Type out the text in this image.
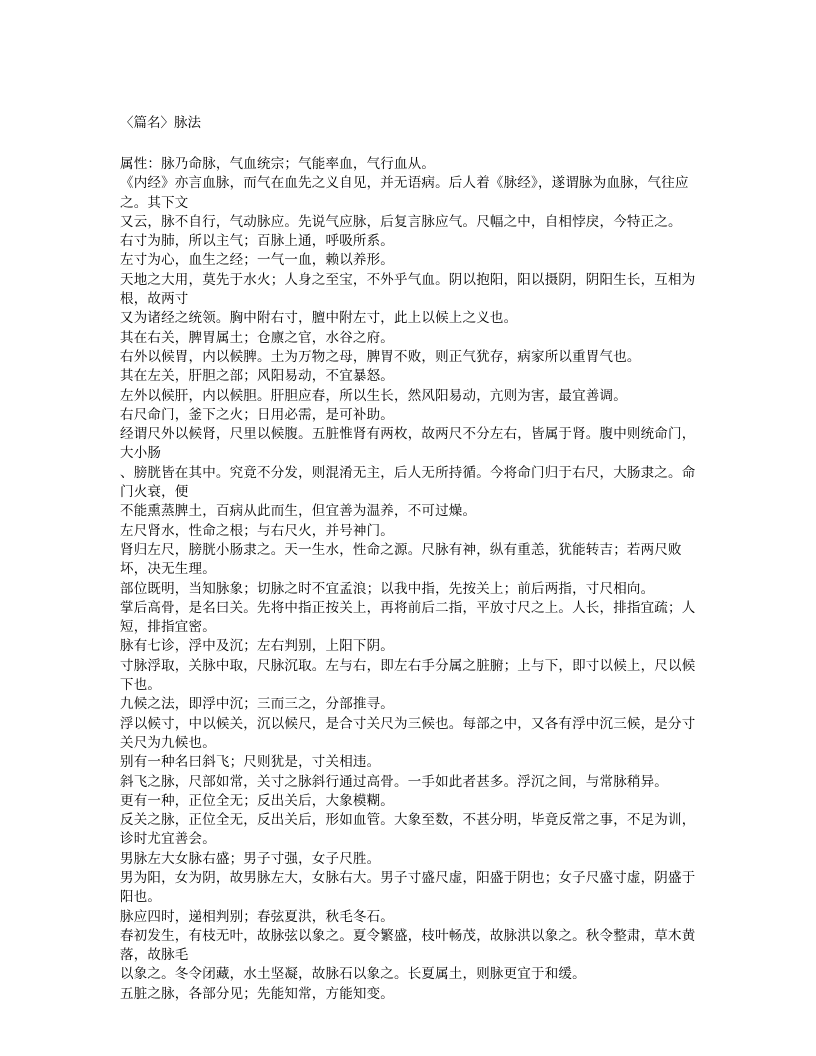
〈篇名〉脉法

属性：脉乃命脉，气血统宗；气能率血，气行血从。

《内经》亦言血脉，而气在血先之义自见，并无语病。后人着《脉经》，遂谓脉为血脉，气往应之。其下文

又云，脉不自行，气动脉应。先说气应脉，后复言脉应气。尺幅之中，自相悖戾，今特正之。

右寸为肺，所以主气；百脉上通，呼吸所系。

左寸为心，血生之经；一气一血，赖以养形。

天地之大用，莫先于水火；人身之至宝，不外乎气血。阴以抱阳，阳以摄阴，阴阳生长，互相为根，故两寸

又为诸经之统领。胸中附右寸，膻中附左寸，此上以候上之义也。

其在右关，脾胃属土；仓廪之官，水谷之府。

右外以候胃，内以候脾。土为万物之母，脾胃不败，则正气犹存，病家所以重胃气也。

其在左关，肝胆之部；风阳易动，不宜暴怒。

左外以候肝，内以候胆。肝胆应春，所以生长，然风阳易动，亢则为害，最宜善调。

右尺命门，釜下之火；日用必需，是可补助。

经谓尺外以候肾，尺里以候腹。五脏惟肾有两枚，故两尺不分左右，皆属于肾。腹中则统命门，大小肠

、膀胱皆在其中。究竟不分发，则混淆无主，后人无所持循。今将命门归于右尺，大肠隶之。命门火衰，便

不能熏蒸脾土，百病从此而生，但宜善为温养，不可过燥。

左尺肾水，性命之根；与右尺火，并号神门。

肾归左尺，膀胱小肠隶之。天一生水，性命之源。尺脉有神，纵有重恙，犹能转吉；若两尺败坏，决无生理。

部位既明，当知脉象；切脉之时不宜孟浪；以我中指，先按关上；前后两指，寸尺相向。

掌后高骨，是名曰关。先将中指正按关上，再将前后二指，平放寸尺之上。人长，排指宜疏；人短，排指宜密。

脉有七诊，浮中及沉；左右判别，上阳下阴。

寸脉浮取，关脉中取，尺脉沉取。左与右，即左右手分属之脏腑；上与下，即寸以候上，尺以候下也。

九候之法，即浮中沉；三而三之，分部推寻。

浮以候寸，中以候关，沉以候尺，是合寸关尺为三候也。每部之中，又各有浮中沉三候，是分寸关尺为九候也。

别有一种名曰斜飞；尺则犹是，寸关相违。

斜飞之脉，尺部如常，关寸之脉斜行通过高骨。一手如此者甚多。浮沉之间，与常脉稍异。

更有一种，正位全无；反出关后，大象模糊。

反关之脉，正位全无，反出关后，形如血管。大象至数，不甚分明，毕竟反常之事，不足为训，诊时尤宜善会。

男脉左大女脉右盛；男子寸强，女子尺胜。

男为阳，女为阴，故男脉左大，女脉右大。男子寸盛尺虚，阳盛于阴也；女子尺盛寸虚，阴盛于阳也。

脉应四时，递相判别；春弦夏洪，秋毛冬石。

春初发生，有枝无叶，故脉弦以象之。夏令繁盛，枝叶畅茂，故脉洪以象之。秋令整肃，草木黄落，故脉毛

以象之。冬令闭藏，水土坚凝，故脉石以象之。长夏属土，则脉更宜于和缓。

五脏之脉，各部分见；先能知常，方能知变。
